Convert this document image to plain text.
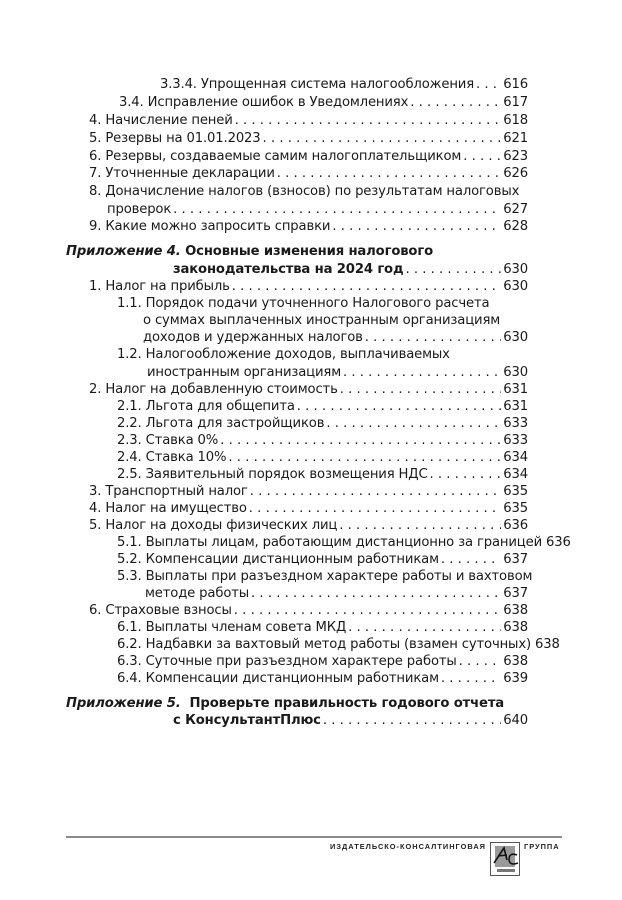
3.3.4. Упрощенная система налогообложения . . . 616
3.4. Исправление ошибок в Уведомлениях . . .	617
4. Начисление пеней . . .	618
5. Резервы на 01.01.2023 . . .	621
6. Резервы, создаваемые самим налогоплательщиком . . .	623
7. Уточненные декларации . . .	626
8. Доначисление налогов (взносов) по результатам налоговых
проверок . . .	627
9. Какие можно запросить справки . . .	628
Приложение 4. Основные изменения налогового
законодательства на 2024 год . . .	630
1. Налог на прибыль . . .	630
1.1. Порядок подачи уточненного Налогового расчета
о суммах выплаченных иностранным организациям
доходов и удержанных налогов . . .	630
1.2. Налогообложение доходов, выплачиваемых
иностранным организациям . . .	630
2. Налог на добавленную стоимость . . .	631
2.1. Льгота для общепита . . .	631
2.2. Льгота для застройщиков . . .	633
2.3. Ставка 0% . . .	633
2.4. Ставка 10% . . .	634
2.5. Заявительный порядок возмещения НДС . . .	634
3. Транспортный налог . . .	635
4. Налог на имущество . . .	635
5. Налог на доходы физических лиц . . .	636
5.1. Выплаты лицам, работающим дистанционно за границей 636
5.2. Компенсации дистанционным работникам . . .	637
5.3. Выплаты при разъездном характере работы и вахтовом
методе работы . . .	637
6. Страховые взносы . . .	638
6.1. Выплаты членам совета МКД . . .	638
6.2. Надбавки за вахтовый метод работы (взамен суточных) 638
6.3. Суточные при разъездном характере работы . . .	638
6.4. Компенсации дистанционным работникам . . .	639
Приложение 5. Проверьте правильность годового отчета
с КонсультантПлюс . . .	640
ИЗДАТЕЛЬСКО-КОНСАЛТИНГОВАЯ	ГРУППА
